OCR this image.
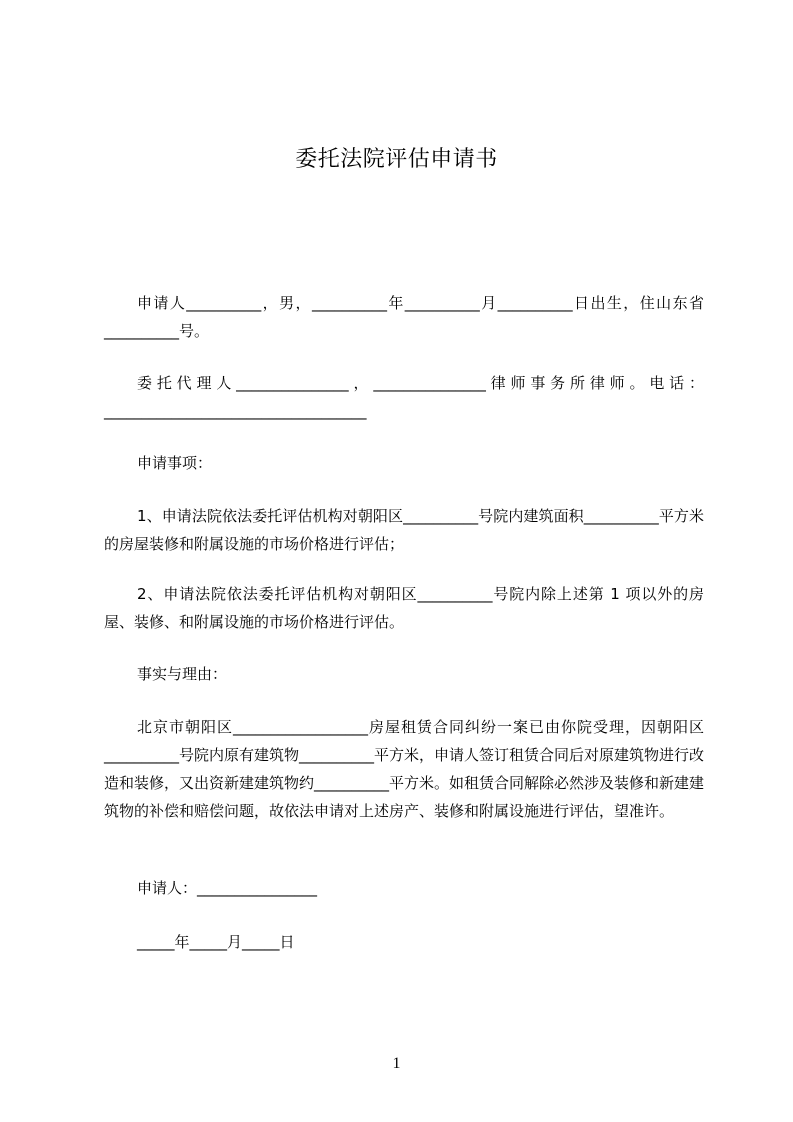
委托法院评估申请书

申请人__________，男，__________年__________月__________日出生，住山东省__________号。

委托代理人_______________，_______________律师事务所律师。电话：___________________________________

申请事项：

1、申请法院依法委托评估机构对朝阳区__________号院内建筑面积__________平方米的房屋装修和附属设施的市场价格进行评估；

2、申请法院依法委托评估机构对朝阳区__________号院内除上述第 1 项以外的房屋、装修、和附属设施的市场价格进行评估。

事实与理由：

北京市朝阳区__________________房屋租赁合同纠纷一案已由你院受理，因朝阳区__________号院内原有建筑物__________平方米，申请人签订租赁合同后对原建筑物进行改造和装修，又出资新建建筑物约__________平方米。如租赁合同解除必然涉及装修和新建建筑物的补偿和赔偿问题，故依法申请对上述房产、装修和附属设施进行评估，望准许。

申请人：________________

_____年_____月_____日

1
